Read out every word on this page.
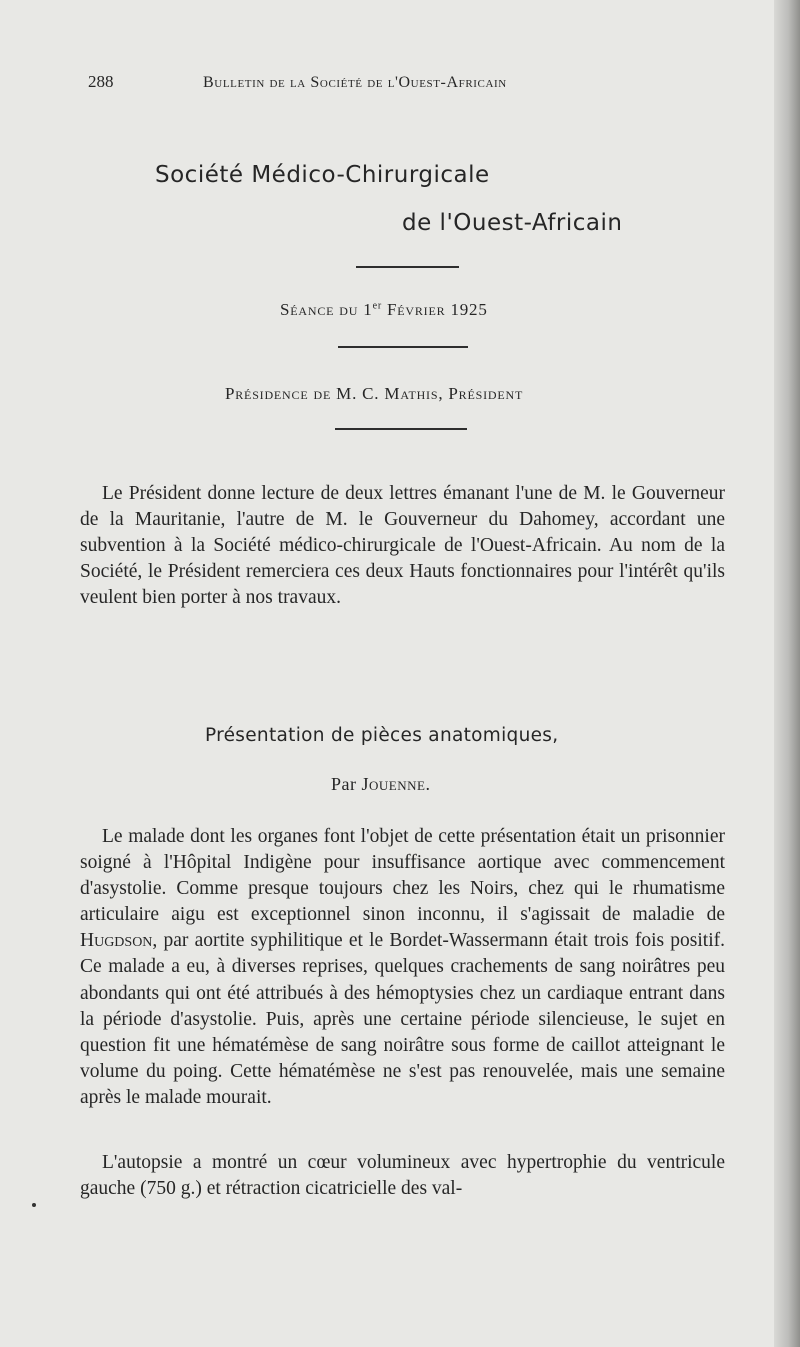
288	Bulletin de la Société de l'Ouest-Africain
Société Médico-Chirurgicale
de l'Ouest-Africain
Séance du 1er Février 1925
Présidence de M. C. Mathis, Président

Le Président donne lecture de deux lettres émanant l'une de M. le Gouverneur de la Mauritanie, l'autre de M. le Gouverneur du Dahomey, accordant une subvention à la Société médico-chirurgicale de l'Ouest-Africain. Au nom de la Société, le Président remerciera ces deux Hauts fonctionnaires pour l'intérêt qu'ils veulent bien porter à nos travaux.

Présentation de pièces anatomiques,
Par Jouenne.

Le malade dont les organes font l'objet de cette présentation était un prisonnier soigné à l'Hôpital Indigène pour insuffisance aortique avec commencement d'asystolie. Comme presque toujours chez les Noirs, chez qui le rhumatisme articulaire aigu est exceptionnel sinon inconnu, il s'agissait de maladie de Hugdson, par aortite syphilitique et le Bordet-Wassermann était trois fois positif. Ce malade a eu, à diverses reprises, quelques crachements de sang noirâtres peu abondants qui ont été attribués à des hémoptysies chez un cardiaque entrant dans la période d'asystolie. Puis, après une certaine période silencieuse, le sujet en question fit une hématémèse de sang noirâtre sous forme de caillot atteignant le volume du poing. Cette hématémèse ne s'est pas renouvelée, mais une semaine après le malade mourait.

L'autopsie a montré un cœur volumineux avec hypertrophie du ventricule gauche (750 g.) et rétraction cicatricielle des val-
